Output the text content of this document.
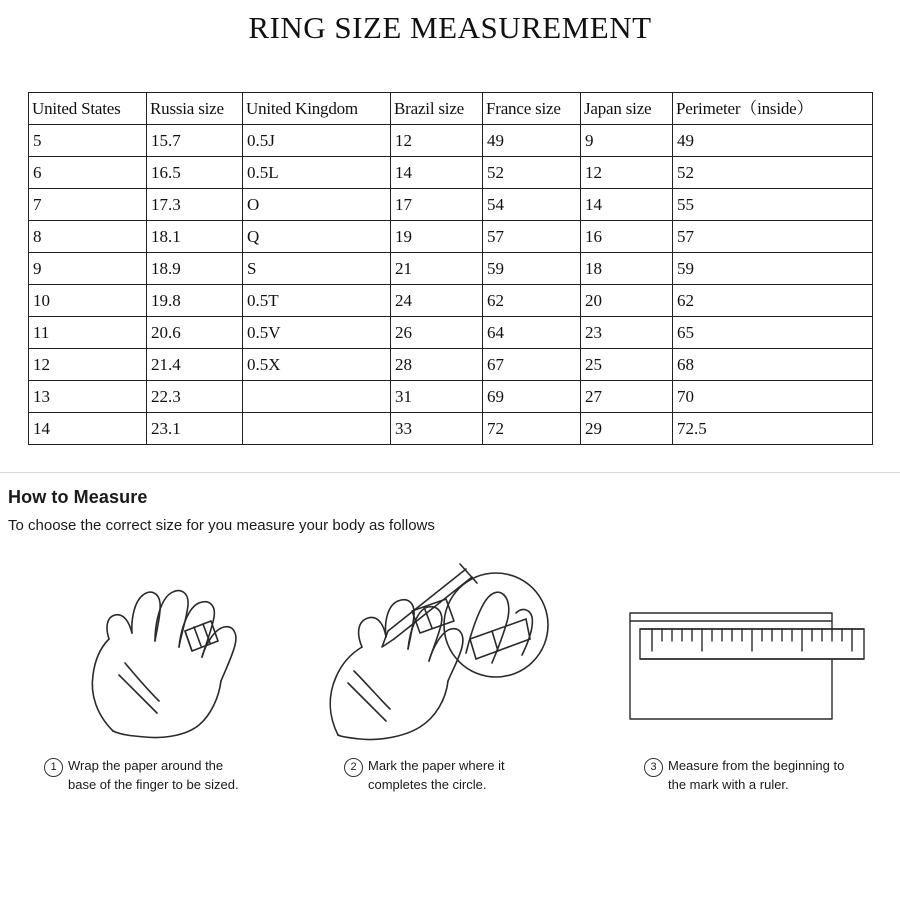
RING SIZE MEASUREMENT
United States	Russia size	United Kingdom	Brazil size	France size	Japan size	Perimeter（inside）
5	15.7	0.5J	12	49	9	49
6	16.5	0.5L	14	52	12	52
7	17.3	O	17	54	14	55
8	18.1	Q	19	57	16	57
9	18.9	S	21	59	18	59
10	19.8	0.5T	24	62	20	62
11	20.6	0.5V	26	64	23	65
12	21.4	0.5X	28	67	25	68
13	22.3		31	69	27	70
14	23.1		33	72	29	72.5
How to Measure

To choose the correct size for you measure your body as follows

1 Wrap the paper around the
base of the finger to be sized.
2 Mark the paper where it
completes the circle.
3 Measure from the beginning to
the mark with a ruler.
